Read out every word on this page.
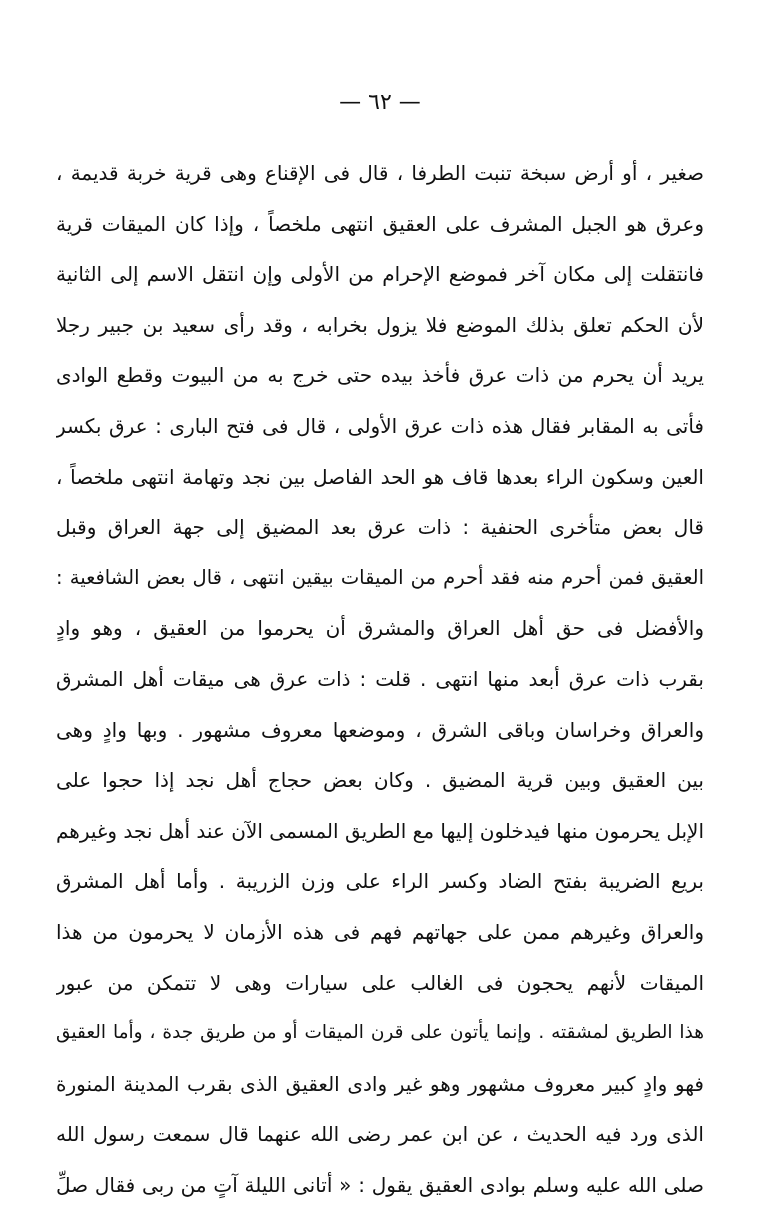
— ٦٢ —
صغير ، أو أرض سبخة تنبت الطرفا ، قال فى الإقناع وهى قرية خربة قديمة ،
وعرق هو الجبل المشرف على العقيق انتهى ملخصاً ، وإذا كان الميقات قرية
فانتقلت إلى مكان آخر فموضع الإحرام من الأولى وإن انتقل الاسم إلى الثانية
لأن الحكم تعلق بذلك الموضع فلا يزول بخرابه ، وقد رأى سعيد بن جبير رجلا
يريد أن يحرم من ذات عرق فأخذ بيده حتى خرج به من البيوت وقطع الوادى
فأتى به المقابر فقال هذه ذات عرق الأولى ، قال فى فتح البارى : عرق بكسر
العين وسكون الراء بعدها قاف هو الحد الفاصل بين نجد وتهامة انتهى ملخصاً ،
قال بعض متأخرى الحنفية : ذات عرق بعد المضيق إلى جهة العراق وقبل
العقيق فمن أحرم منه فقد أحرم من الميقات بيقين انتهى ، قال بعض الشافعية :
والأفضل فى حق أهل العراق والمشرق أن يحرموا من العقيق ، وهو وادٍ
بقرب ذات عرق أبعد منها انتهى . قلت : ذات عرق هى ميقات أهل المشرق
والعراق وخراسان وباقى الشرق ، وموضعها معروف مشهور . وبها وادٍ وهى
بين العقيق وبين قرية المضيق . وكان بعض حجاج أهل نجد إذا حجوا على
الإبل يحرمون منها فيدخلون إليها مع الطريق المسمى الآن عند أهل نجد وغيرهم
بريع الضريبة بفتح الضاد وكسر الراء على وزن الزريبة . وأما أهل المشرق
والعراق وغيرهم ممن على جهاتهم فهم فى هذه الأزمان لا يحرمون من هذا
الميقات لأنهم يحجون فى الغالب على سيارات وهى لا تتمكن من عبور
هذا الطريق لمشقته . وإنما يأتون على قرن الميقات أو من طريق جدة ، وأما العقيق
فهو وادٍ كبير معروف مشهور وهو غير وادى العقيق الذى بقرب المدينة المنورة
الذى ورد فيه الحديث ، عن ابن عمر رضى الله عنهما قال سمعت رسول الله
صلى الله عليه وسلم بوادى العقيق يقول : « أتانى الليلة آتٍ من ربى فقال صلِّ
